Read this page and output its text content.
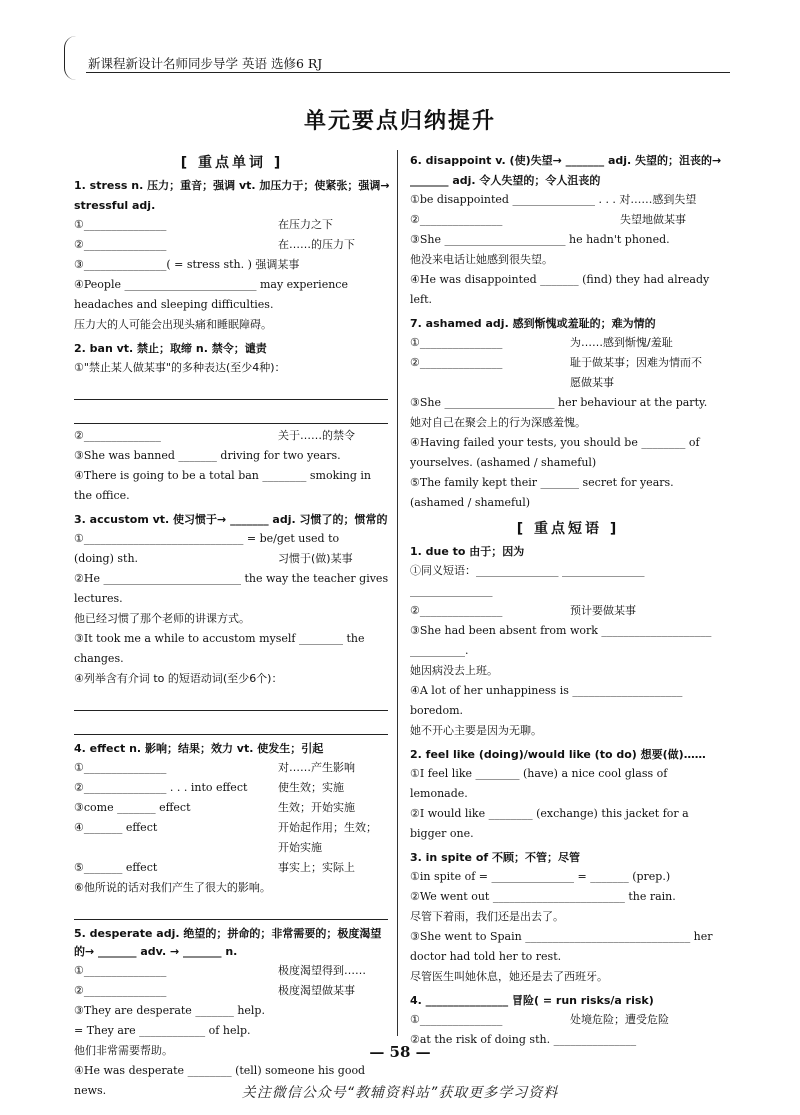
新课程新设计名师同步导学 英语 选修6 RJ
单元要点归纳提升
[ 重点单词 ]
1. stress n. 压力；重音；强调 vt. 加压力于；使紧张；强调→
stressful adj.
①_______________	在压力之下
②_______________	在……的压力下
③_______________( = stress sth. ) 强调某事
④People ________________________ may experience headaches and sleeping difficulties.
压力大的人可能会出现头痛和睡眠障碍。
2. ban vt. 禁止；取缔 n. 禁令；谴责
①"禁止某人做某事"的多种表达(至少4种)：
②______________	关于……的禁令
③She was banned _______ driving for two years.
④There is going to be a total ban ________ smoking in the office.
3. accustom vt. 使习惯于→ _______ adj. 习惯了的；惯常的
①_____________________________ = be/get used to
(doing) sth.	习惯于(做)某事
②He _________________________ the way the teacher gives lectures.
他已经习惯了那个老师的讲课方式。
③It took me a while to accustom myself ________ the changes.
④列举含有介词 to 的短语动词(至少6个)：
4. effect n. 影响；结果；效力 vt. 使发生；引起
①_______________	对……产生影响
②_______________ . . . into effect	使生效；实施
③come _______ effect	生效；开始实施
④_______ effect	开始起作用；生效；
开始实施
⑤_______ effect	事实上；实际上
⑥他所说的话对我们产生了很大的影响。
5. desperate adj. 绝望的；拼命的；非常需要的；极度渴望的→ _______ adv. → _______ n.
①_______________	极度渴望得到……
②_______________	极度渴望做某事
③They are desperate _______ help.
= They are ____________ of help.
他们非常需要帮助。
④He was desperate ________ (tell) someone his good news.
6. disappoint v. (使)失望→ _______ adj. 失望的；沮丧的→
_______ adj. 令人失望的；令人沮丧的
①be disappointed _______________ . . . 对……感到失望
②_______________	失望地做某事
③She ______________________ he hadn't phoned.
他没来电话让她感到很失望。
④He was disappointed _______ (find) they had already left.
7. ashamed adj. 感到惭愧或羞耻的；难为情的
①_______________	为……感到惭愧/羞耻
②_______________	耻于做某事；因难为情而不
愿做某事
③She ____________________ her behaviour at the party.
她对自己在聚会上的行为深感羞愧。
④Having failed your tests, you should be ________ of yourselves. (ashamed / shameful)
⑤The family kept their _______ secret for years. (ashamed / shameful)
[ 重点短语 ]
1. due to 由于；因为
①同义短语：_______________ _______________
_______________
②_______________	预计要做某事
③She had been absent from work ____________________
__________.
她因病没去上班。
④A lot of her unhappiness is ____________________ boredom.
她不开心主要是因为无聊。
2. feel like (doing)/would like (to do) 想要(做)……
①I feel like ________ (have) a nice cool glass of lemonade.
②I would like ________ (exchange) this jacket for a bigger one.
3. in spite of 不顾；不管；尽管
①in spite of = _______________ = _______ (prep.)
②We went out ________________________ the rain.
尽管下着雨，我们还是出去了。
③She went to Spain ______________________________ her doctor had told her to rest.
尽管医生叫她休息，她还是去了西班牙。
4. _______________ 冒险( = run risks/a risk)
①_______________	处境危险；遭受危险
②at the risk of doing sth. _______________
— 58 —
关注微信公众号“教辅资料站”获取更多学习资料
